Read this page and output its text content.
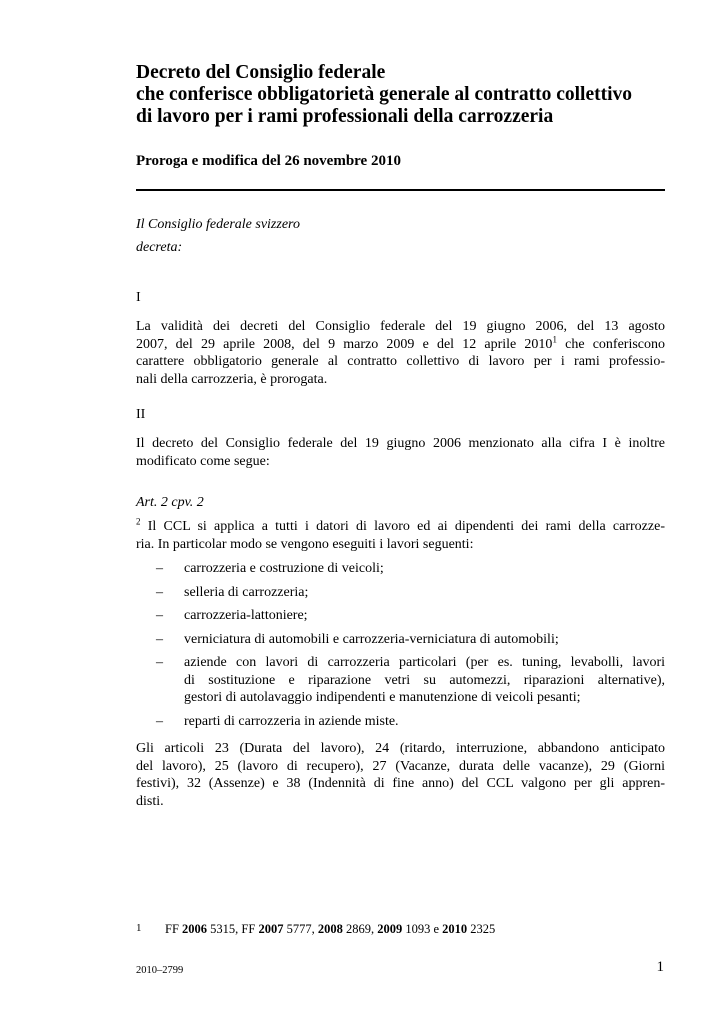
Decreto del Consiglio federale
che conferisce obbligatorietà generale al contratto collettivo
di lavoro per i rami professionali della carrozzeria
Proroga e modifica del 26 novembre 2010

Il Consiglio federale svizzero

decreta:

I

La validità dei decreti del Consiglio federale del 19 giugno 2006, del 13 agosto
2007, del 29 aprile 2008, del 9 marzo 2009 e del 12 aprile 2010$^1$ che conferiscono
carattere obbligatorio generale al contratto collettivo di lavoro per i rami professio-
nali della carrozzeria, è prorogata.

II

Il decreto del Consiglio federale del 19 giugno 2006 menzionato alla cifra I è inoltre
modificato come segue:

Art. 2 cpv. 2

$^2$ Il CCL si applica a tutti i datori di lavoro ed ai dipendenti dei rami della carrozze-
ria. In particolar modo se vengono eseguiti i lavori seguenti:
– carrozzeria e costruzione di veicoli;
– selleria di carrozzeria;
– carrozzeria-lattoniere;
– verniciatura di automobili e carrozzeria-verniciatura di automobili;
– aziende con lavori di carrozzeria particolari (per es. tuning, levabolli, lavori
di sostituzione e riparazione vetri su automezzi, riparazioni alternative),
gestori di autolavaggio indipendenti e manutenzione di veicoli pesanti;
– reparti di carrozzeria in aziende miste.
Gli articoli 23 (Durata del lavoro), 24 (ritardo, interruzione, abbandono anticipato
del lavoro), 25 (lavoro di recupero), 27 (Vacanze, durata delle vacanze), 29 (Giorni
festivi), 32 (Assenze) e 38 (Indennità di fine anno) del CCL valgono per gli appren-
disti.
1 FF 2006 5315, FF 2007 5777, 2008 2869, 2009 1093 e 2010 2325
2010–2799	1
